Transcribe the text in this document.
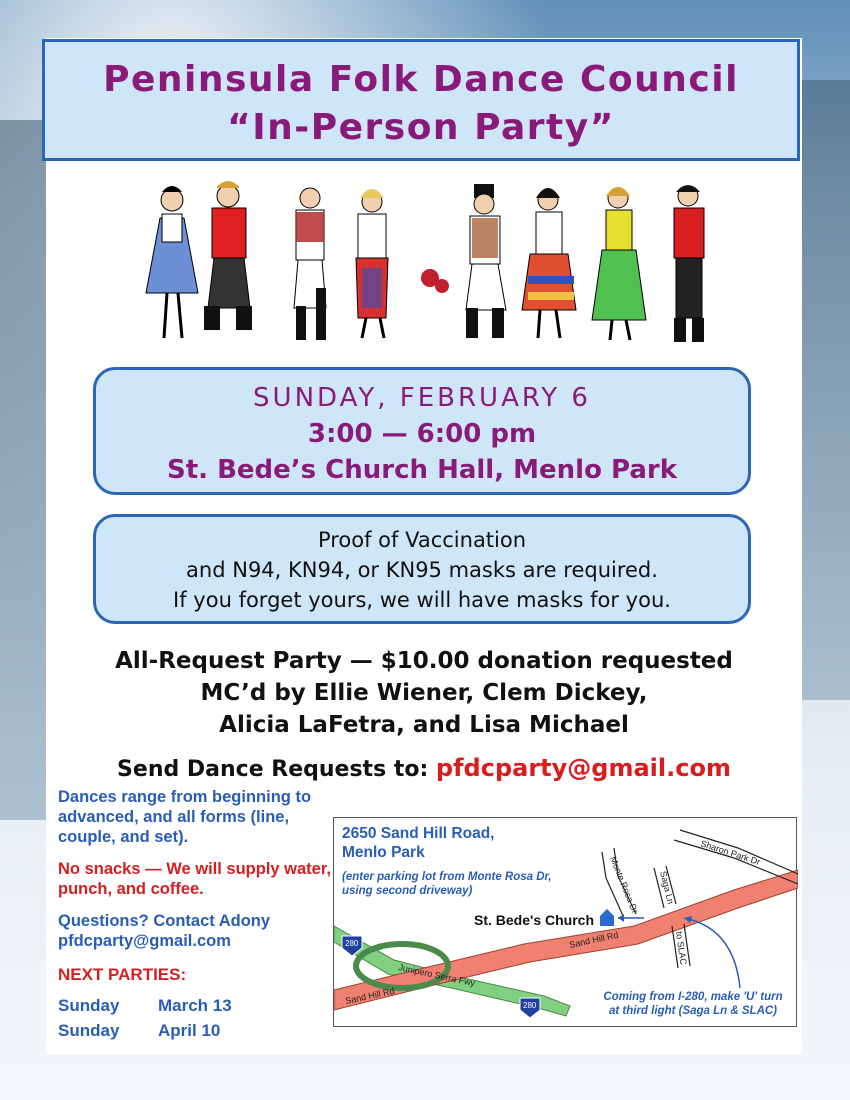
Peninsula Folk Dance Council
“In-Person Party”
SUNDAY, FEBRUARY 6
3:00 — 6:00 pm
St. Bede’s Church Hall, Menlo Park
Proof of Vaccination
and N94, KN94, or KN95 masks are required.
If you forget yours, we will have masks for you.
All-Request Party — $10.00 donation requested
MC’d by Ellie Wiener, Clem Dickey,
Alicia LaFetra, and Lisa Michael
Send Dance Requests to: pfdcparty@gmail.com

Dances range from beginning to advanced, and all forms (line, couple, and set).

No snacks — We will supply water, punch, and coffee.

Questions? Contact Adony
pfdcparty@gmail.com

NEXT PARTIES:
Sunday	March 13
Sunday	April 10
280
280
Sand Hill Rd
Sand Hill Rd
Junipero Serra Fwy
Monte Rosa Dr Saga Ln
Sharon Park Dr
to SLAC
2650 Sand Hill Road,
Menlo Park
(enter parking lot from Monte Rosa Dr,
using second driveway)
St. Bede's Church
Coming from I-280, make 'U' turn
at third light (Saga Ln & SLAC)
